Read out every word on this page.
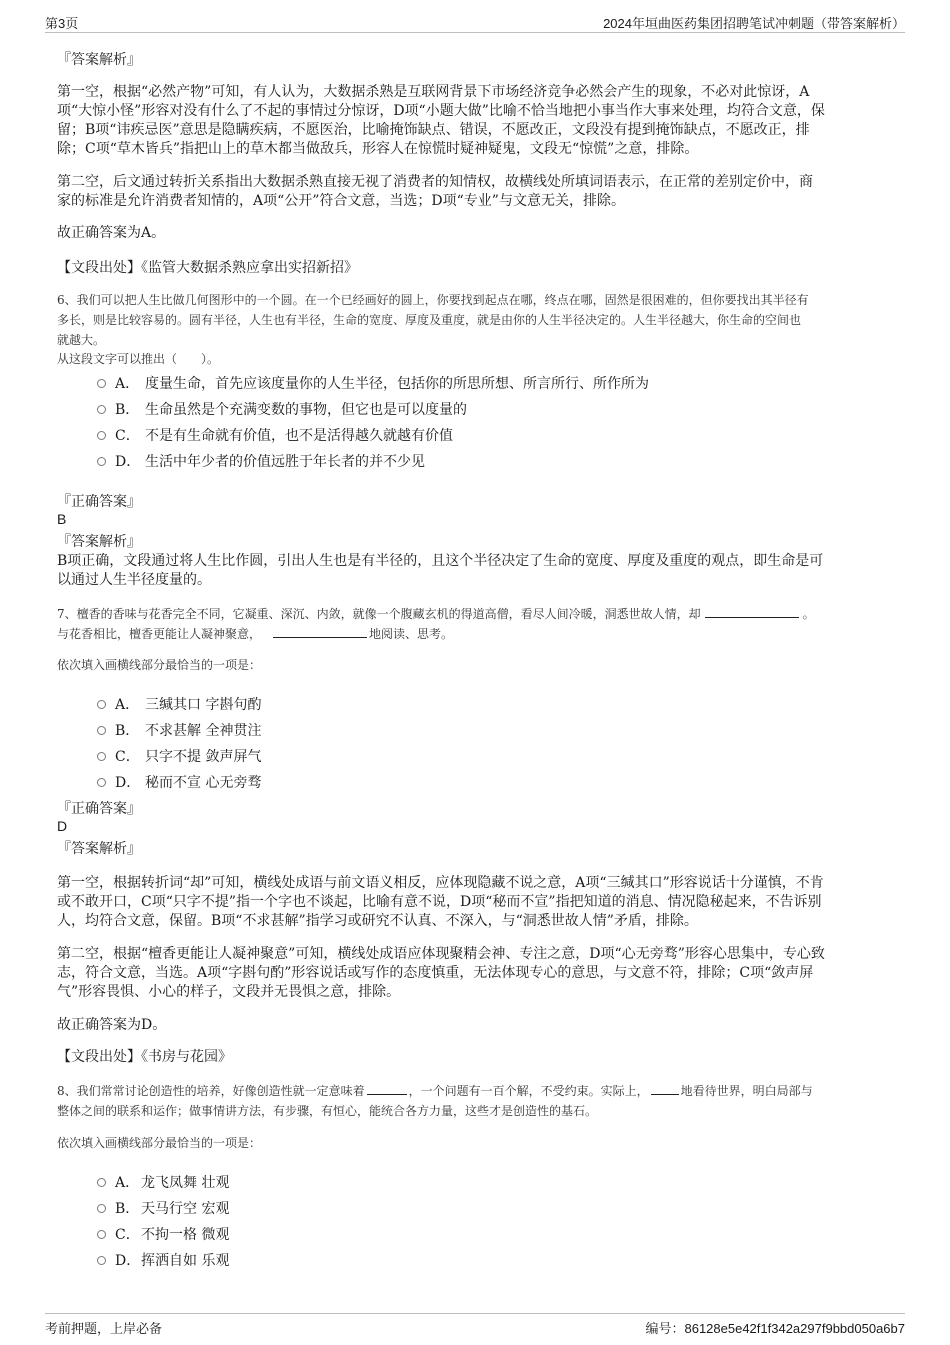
第3页	2024年垣曲医药集团招聘笔试冲刺题（带答案解析）
『答案解析』
第一空，根据“必然产物”可知，有人认为，大数据杀熟是互联网背景下市场经济竞争必然会产生的现象，不必对此惊讶，A
项“大惊小怪”形容对没有什么了不起的事情过分惊讶，D项“小题大做”比喻不恰当地把小事当作大事来处理，均符合文意，保
留；B项“讳疾忌医”意思是隐瞒疾病，不愿医治，比喻掩饰缺点、错误，不愿改正，文段没有提到掩饰缺点，不愿改正，排
除；C项“草木皆兵”指把山上的草木都当做敌兵，形容人在惊慌时疑神疑鬼，文段无“惊慌”之意，排除。
第二空，后文通过转折关系指出大数据杀熟直接无视了消费者的知情权，故横线处所填词语表示，在正常的差别定价中，商
家的标准是允许消费者知情的，A项“公开”符合文意，当选；D项“专业”与文意无关，排除。
故正确答案为A。
【文段出处】《监管大数据杀熟应拿出实招新招》
6、我们可以把人生比做几何图形中的一个圆。在一个已经画好的圆上，你要找到起点在哪，终点在哪，固然是很困难的，但你要找出其半径有
多长，则是比较容易的。圆有半径，人生也有半径，生命的宽度、厚度及重度，就是由你的人生半径决定的。人生半径越大，你生命的空间也
就越大。
从这段文字可以推出（　　）。
A． 度量生命，首先应该度量你的人生半径，包括你的所思所想、所言所行、所作所为
B． 生命虽然是个充满变数的事物，但它也是可以度量的
C． 不是有生命就有价值，也不是活得越久就越有价值
D． 生活中年少者的价值远胜于年长者的并不少见
『正确答案』
B
『答案解析』
B项正确，文段通过将人生比作圆，引出人生也是有半径的，且这个半径决定了生命的宽度、厚度及重度的观点，即生命是可
以通过人生半径度量的。
7、檀香的香味与花香完全不同，它凝重、深沉、内敛，就像一个腹藏玄机的得道高僧，看尽人间冷暖，洞悉世故人情，却	。
与花香相比，檀香更能让人凝神聚意，	地阅读、思考。
依次填入画横线部分最恰当的一项是：
A． 三缄其口 字斟句酌
B． 不求甚解 全神贯注
C． 只字不提 敛声屏气
D． 秘而不宣 心无旁骛
『正确答案』
D
『答案解析』
第一空，根据转折词“却”可知，横线处成语与前文语义相反，应体现隐藏不说之意，A项“三缄其口”形容说话十分谨慎，不肯
或不敢开口，C项“只字不提”指一个字也不谈起，比喻有意不说，D项“秘而不宣”指把知道的消息、情况隐秘起来，不告诉别
人，均符合文意，保留。B项“不求甚解”指学习或研究不认真、不深入，与“洞悉世故人情”矛盾，排除。
第二空，根据“檀香更能让人凝神聚意”可知，横线处成语应体现聚精会神、专注之意，D项“心无旁骛”形容心思集中，专心致
志，符合文意，当选。A项“字斟句酌”形容说话或写作的态度慎重，无法体现专心的意思，与文意不符，排除；C项“敛声屏
气”形容畏惧、小心的样子，文段并无畏惧之意，排除。
故正确答案为D。
【文段出处】《书房与花园》
8、我们常常讨论创造性的培养，好像创造性就一定意味着	，一个问题有一百个解，不受约束。实际上，	地看待世界，明白局部与
整体之间的联系和运作；做事情讲方法，有步骤，有恒心，能统合各方力量，这些才是创造性的基石。
依次填入画横线部分最恰当的一项是：
A． 龙飞凤舞 壮观
B． 天马行空 宏观
C．不拘一格 微观
D．挥洒自如 乐观
考前押题，上岸必备	编号：86128e5e42f1f342a297f9bbd050a6b7
